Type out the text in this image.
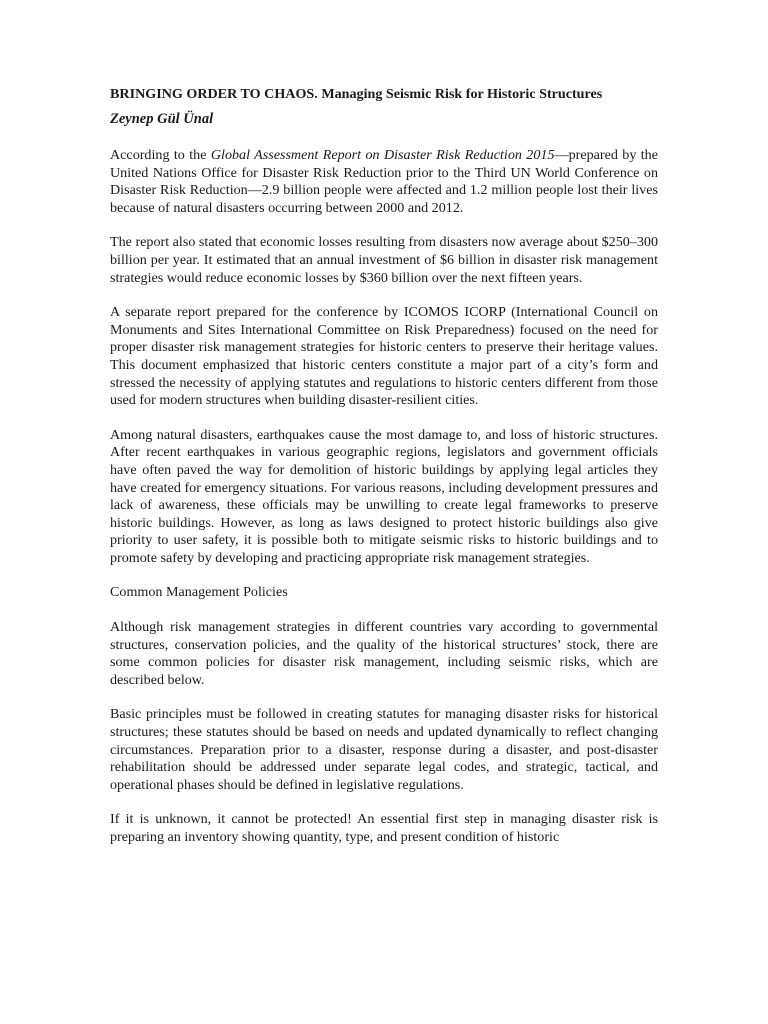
BRINGING ORDER TO CHAOS. Managing Seismic Risk for Historic Structures
Zeynep Gül Ünal

According to the Global Assessment Report on Disaster Risk Reduction 2015—prepared by the United Nations Office for Disaster Risk Reduction prior to the Third UN World Conference on Disaster Risk Reduction—2.9 billion people were affected and 1.2 million people lost their lives because of natural disasters occurring between 2000 and 2012.

The report also stated that economic losses resulting from disasters now average about $250–300 billion per year. It estimated that an annual investment of $6 billion in disaster risk management strategies would reduce economic losses by $360 billion over the next fifteen years.

A separate report prepared for the conference by ICOMOS ICORP (International Council on Monuments and Sites International Committee on Risk Preparedness) focused on the need for proper disaster risk management strategies for historic centers to preserve their heritage values. This document emphasized that historic centers constitute a major part of a city’s form and stressed the necessity of applying statutes and regulations to historic centers different from those used for modern structures when building disaster-resilient cities.

Among natural disasters, earthquakes cause the most damage to, and loss of historic structures. After recent earthquakes in various geographic regions, legislators and government officials have often paved the way for demolition of historic buildings by applying legal articles they have created for emergency situations. For various reasons, including development pressures and lack of awareness, these officials may be unwilling to create legal frameworks to preserve historic buildings. However, as long as laws designed to protect historic buildings also give priority to user safety, it is possible both to mitigate seismic risks to historic buildings and to promote safety by developing and practicing appropriate risk management strategies.

Common Management Policies

Although risk management strategies in different countries vary according to governmental structures, conservation policies, and the quality of the historical structures’ stock, there are some common policies for disaster risk management, including seismic risks, which are described below.

Basic principles must be followed in creating statutes for managing disaster risks for historical structures; these statutes should be based on needs and updated dynamically to reflect changing circumstances. Preparation prior to a disaster, response during a disaster, and post-disaster rehabilitation should be addressed under separate legal codes, and strategic, tactical, and operational phases should be defined in legislative regulations.

If it is unknown, it cannot be protected! An essential first step in managing disaster risk is preparing an inventory showing quantity, type, and present condition of historic
